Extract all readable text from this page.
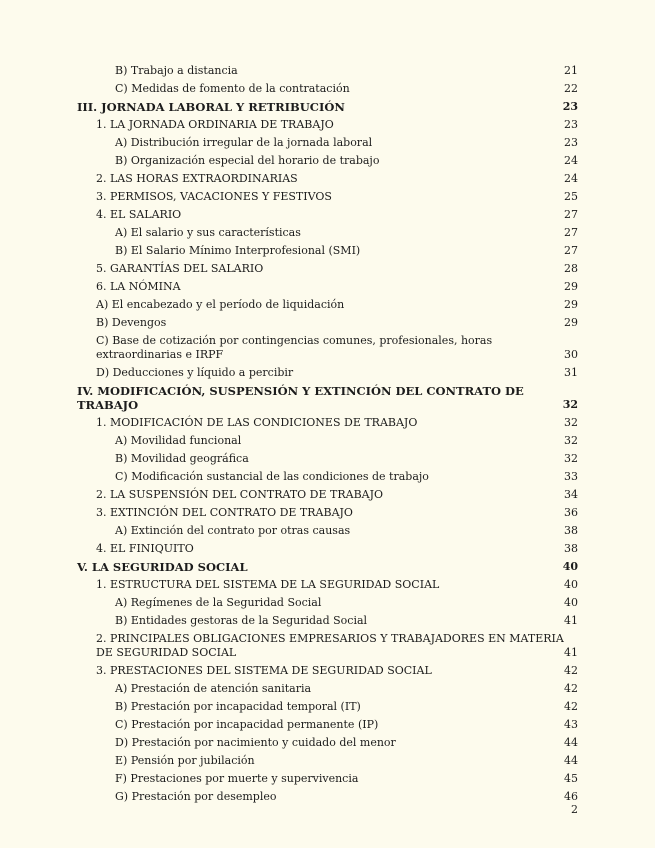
B) Trabajo a distancia	21
C) Medidas de fomento de la contratación	22
III. JORNADA LABORAL Y RETRIBUCIÓN	23
1. LA JORNADA ORDINARIA DE TRABAJO	23
A) Distribución irregular de la jornada laboral	23
B) Organización especial del horario de trabajo	24
2. LAS HORAS EXTRAORDINARIAS	24
3. PERMISOS, VACACIONES Y FESTIVOS	25
4. EL SALARIO	27
A) El salario y sus características	27
B) El Salario Mínimo Interprofesional (SMI)	27
5. GARANTÍAS DEL SALARIO	28
6. LA NÓMINA	29
A) El encabezado y el período de liquidación	29
B) Devengos	29
C) Base de cotización por contingencias comunes, profesionales, horas extraordinarias e IRPF	30
D) Deducciones y líquido a percibir	31
IV. MODIFICACIÓN, SUSPENSIÓN Y EXTINCIÓN DEL CONTRATO DE TRABAJO	32
1. MODIFICACIÓN DE LAS CONDICIONES DE TRABAJO	32
A) Movilidad funcional	32
B) Movilidad geográfica	32
C) Modificación sustancial de las condiciones de trabajo	33
2. LA SUSPENSIÓN DEL CONTRATO DE TRABAJO	34
3. EXTINCIÓN DEL CONTRATO DE TRABAJO	36
A) Extinción del contrato por otras causas	38
4. EL FINIQUITO	38
V. LA SEGURIDAD SOCIAL	40
1. ESTRUCTURA DEL SISTEMA DE LA SEGURIDAD SOCIAL	40
A) Regímenes de la Seguridad Social	40
B) Entidades gestoras de la Seguridad Social	41
2. PRINCIPALES OBLIGACIONES EMPRESARIOS Y TRABAJADORES EN MATERIA DE SEGURIDAD SOCIAL	41
3. PRESTACIONES DEL SISTEMA DE SEGURIDAD SOCIAL	42
A) Prestación de atención sanitaria	42
B) Prestación por incapacidad temporal (IT)	42
C) Prestación por incapacidad permanente (IP)	43
D) Prestación por nacimiento y cuidado del menor	44
E) Pensión por jubilación	44
F) Prestaciones por muerte y supervivencia	45
G) Prestación por desempleo	46
2
